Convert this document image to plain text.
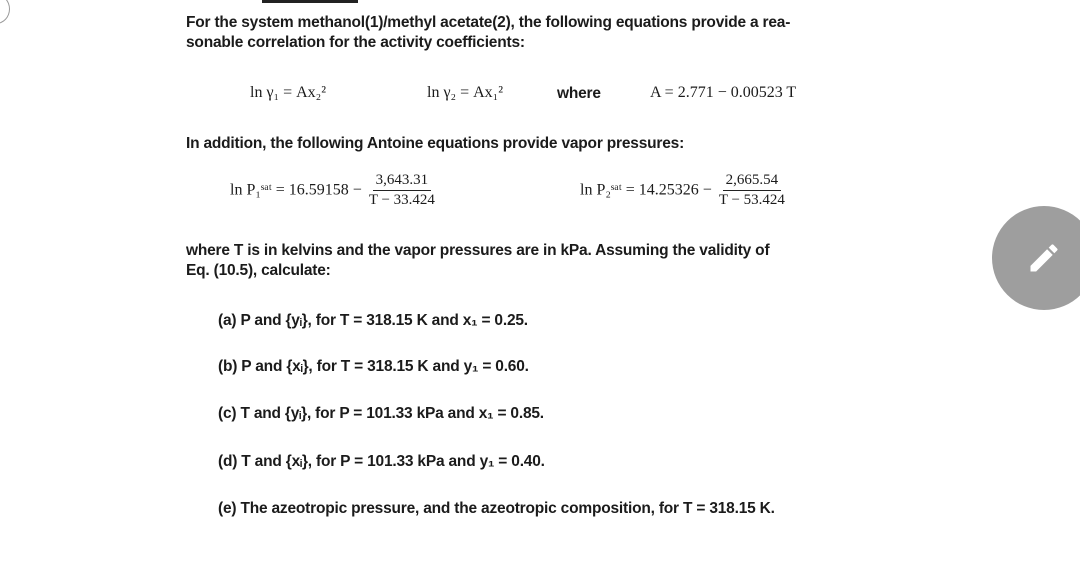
For the system methanol(1)/methyl acetate(2), the following equations provide a rea-
sonable correlation for the activity coefficients:
ln γ₁ = Ax₂²	ln γ₂ = Ax₁²	where	A = 2.771 − 0.00523 T
In addition, the following Antoine equations provide vapor pressures:
ln P₁ˢᵃᵗ = $16.59158 - \frac{3,643.31}{T - 33.424}$	ln P₂ˢᵃᵗ = $14.25326 - \frac{2,665.54}{T - 53.424}$
where T is in kelvins and the vapor pressures are in kPa. Assuming the validity of
Eq. (10.5), calculate:
(a) P and {yᵢ}, for T = 318.15 K and x₁ = 0.25.
(b) P and {xᵢ}, for T = 318.15 K and y₁ = 0.60.
(c) T and {yᵢ}, for P = 101.33 kPa and x₁ = 0.85.
(d) T and {xᵢ}, for P = 101.33 kPa and y₁ = 0.40.
(e) The azeotropic pressure, and the azeotropic composition, for T = 318.15 K.
